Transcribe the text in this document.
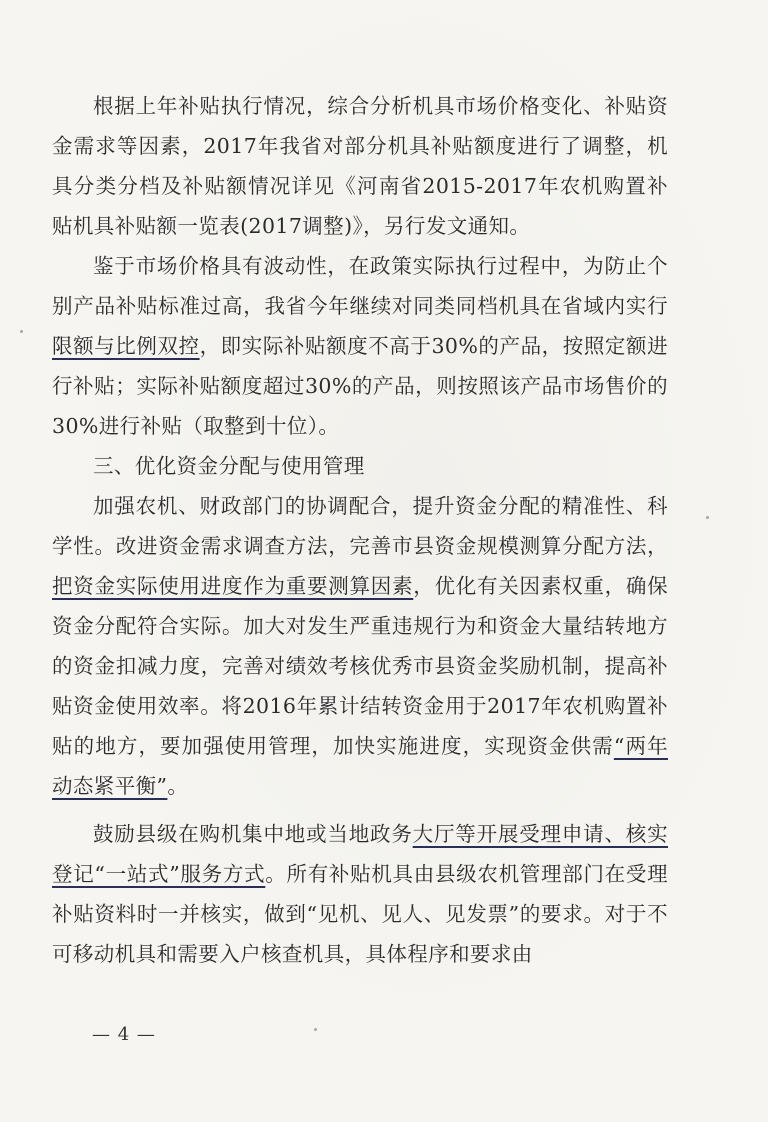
根据上年补贴执行情况，综合分析机具市场价格变化、补贴资金需求等因素，2017年我省对部分机具补贴额度进行了调整，机具分类分档及补贴额情况详见《河南省2015-2017年农机购置补贴机具补贴额一览表(2017调整)》，另行发文通知。

鉴于市场价格具有波动性，在政策实际执行过程中，为防止个别产品补贴标准过高，我省今年继续对同类同档机具在省域内实行限额与比例双控，即实际补贴额度不高于30%的产品，按照定额进行补贴；实际补贴额度超过30%的产品，则按照该产品市场售价的30%进行补贴（取整到十位）。

三、优化资金分配与使用管理

加强农机、财政部门的协调配合，提升资金分配的精准性、科学性。改进资金需求调查方法，完善市县资金规模测算分配方法，把资金实际使用进度作为重要测算因素，优化有关因素权重，确保资金分配符合实际。加大对发生严重违规行为和资金大量结转地方的资金扣减力度，完善对绩效考核优秀市县资金奖励机制，提高补贴资金使用效率。将2016年累计结转资金用于2017年农机购置补贴的地方，要加强使用管理，加快实施进度，实现资金供需“两年动态紧平衡”。

鼓励县级在购机集中地或当地政务大厅等开展受理申请、核实登记“一站式”服务方式。所有补贴机具由县级农机管理部门在受理补贴资料时一并核实，做到“见机、见人、见发票”的要求。对于不可移动机具和需要入户核查机具，具体程序和要求由

— 4 —
